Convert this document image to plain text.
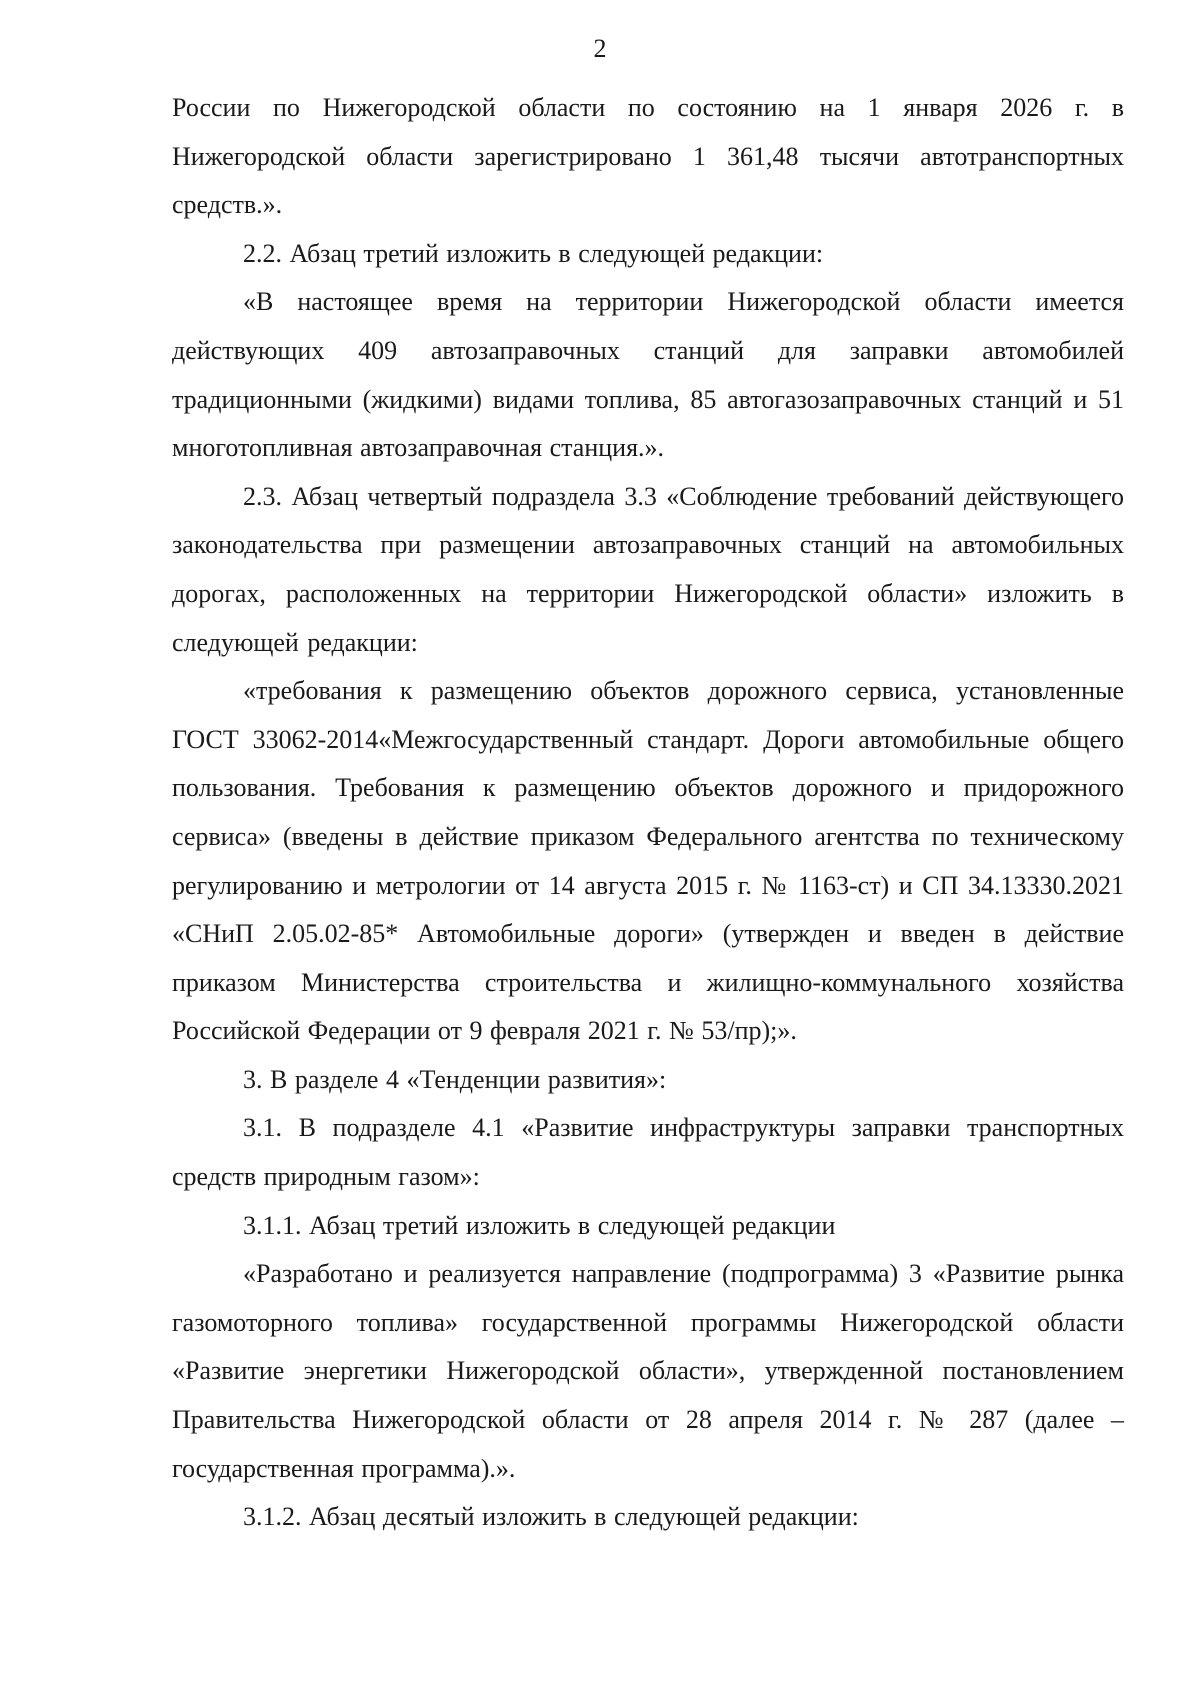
2

России по Нижегородской области по состоянию на 1 января 2026 г. в Нижегородской области зарегистрировано 1 361,48 тысячи автотранспортных средств.».

2.2. Абзац третий изложить в следующей редакции:

«В настоящее время на территории Нижегородской области имеется действующих 409 автозаправочных станций для заправки автомобилей традиционными (жидкими) видами топлива, 85 автогазозаправочных станций и 51 многотопливная автозаправочная станция.».

2.3. Абзац четвертый подраздела 3.3 «Соблюдение требований действующего законодательства при размещении автозаправочных станций на автомобильных дорогах, расположенных на территории Нижегородской области» изложить в следующей редакции:

«требования к размещению объектов дорожного сервиса, установленные ГОСТ 33062-2014«Межгосударственный стандарт. Дороги автомобильные общего пользования. Требования к размещению объектов дорожного и придорожного сервиса» (введены в действие приказом Федерального агентства по техническому регулированию и метрологии от 14 августа 2015 г. № 1163-ст) и СП 34.13330.2021 «СНиП 2.05.02-85* Автомобильные дороги» (утвержден и введен в действие приказом Министерства строительства и жилищно-коммунального хозяйства Российской Федерации от 9 февраля 2021 г. № 53/пр);».

3. В разделе 4 «Тенденции развития»:

3.1. В подразделе 4.1 «Развитие инфраструктуры заправки транспортных средств природным газом»:

3.1.1. Абзац третий изложить в следующей редакции

«Разработано и реализуется направление (подпрограмма) 3 «Развитие рынка газомоторного топлива» государственной программы Нижегородской области «Развитие энергетики Нижегородской области», утвержденной постановлением Правительства Нижегородской области от 28 апреля 2014 г. № 287 (далее – государственная программа).».

3.1.2. Абзац десятый изложить в следующей редакции:
